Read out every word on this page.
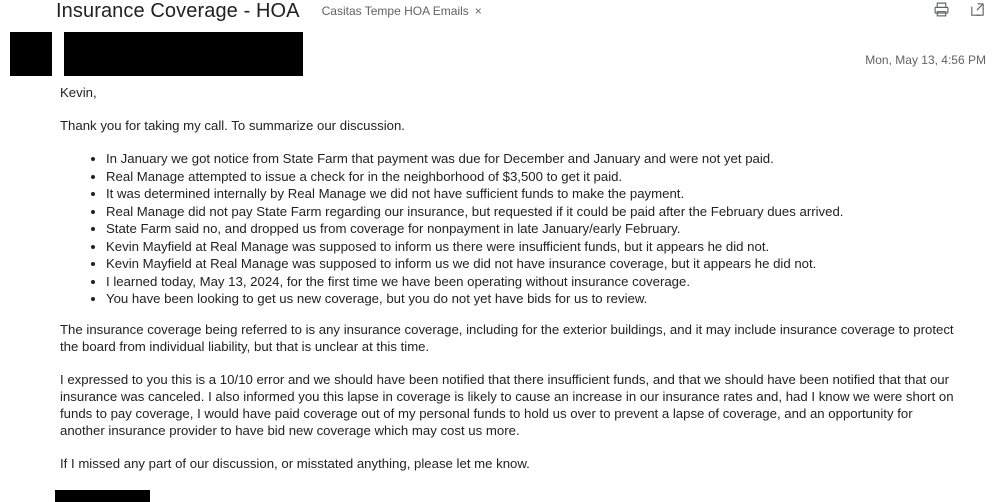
Insurance Coverage - HOA Casitas Tempe HOA Emails ×
Mon, May 13, 4:56 PM

Kevin,

Thank you for taking my call. To summarize our discussion.

• In January we got notice from State Farm that payment was due for December and January and were not yet paid.
• Real Manage attempted to issue a check for in the neighborhood of $3,500 to get it paid.
• It was determined internally by Real Manage we did not have sufficient funds to make the payment.
• Real Manage did not pay State Farm regarding our insurance, but requested if it could be paid after the February dues arrived.
• State Farm said no, and dropped us from coverage for nonpayment in late January/early February.
• Kevin Mayfield at Real Manage was supposed to inform us there were insufficient funds, but it appears he did not.
• Kevin Mayfield at Real Manage was supposed to inform us we did not have insurance coverage, but it appears he did not.
• I learned today, May 13, 2024, for the first time we have been operating without insurance coverage.
• You have been looking to get us new coverage, but you do not yet have bids for us to review.

The insurance coverage being referred to is any insurance coverage, including for the exterior buildings, and it may include insurance coverage to protect the board from individual liability, but that is unclear at this time.

I expressed to you this is a 10/10 error and we should have been notified that there insufficient funds, and that we should have been notified that that our insurance was canceled. I also informed you this lapse in coverage is likely to cause an increase in our insurance rates and, had I know we were short on funds to pay coverage, I would have paid coverage out of my personal funds to hold us over to prevent a lapse of coverage, and an opportunity for another insurance provider to have bid new coverage which may cost us more.

If I missed any part of our discussion, or misstated anything, please let me know.
